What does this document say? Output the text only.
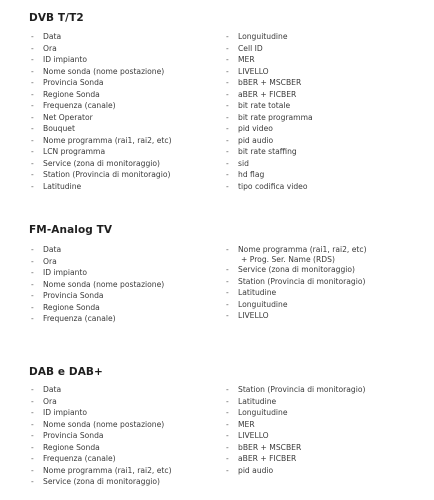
DVB T/T2
-	Data
-	Ora
-	ID impianto
-	Nome sonda (nome postazione)
-	Provincia Sonda
-	Regione Sonda
-	Frequenza (canale)
-	Net Operator
-	Bouquet
-	Nome programma (rai1, rai2, etc)
-	LCN programma
-	Service (zona di monitoraggio)
-	Station (Provincia di monitoragio)
-	Latitudine
-	Longuitudine
-	Cell ID
-	MER
-	LIVELLO
-	bBER + MSCBER
-	aBER + FICBER
-	bit rate totale
-	bit rate programma
-	pid video
-	pid audio
-	bit rate staffing
-	sid
-	hd flag
-	tipo codifica video
FM-Analog TV
-	Data
-	Ora
-	ID impianto
-	Nome sonda (nome postazione)
-	Provincia Sonda
-	Regione Sonda
-	Frequenza (canale)
-	Nome programma (rai1, rai2, etc)
+ Prog. Ser. Name (RDS)
-	Service (zona di monitoraggio)
-	Station (Provincia di monitoragio)
-	Latitudine
-	Longuitudine
-	LIVELLO
DAB e DAB+
-	Data
-	Ora
-	ID impianto
-	Nome sonda (nome postazione)
-	Provincia Sonda
-	Regione Sonda
-	Frequenza (canale)
-	Nome programma (rai1, rai2, etc)
-	Service (zona di monitoraggio)
-	Station (Provincia di monitoragio)
-	Latitudine
-	Longuitudine
-	MER
-	LIVELLO
-	bBER + MSCBER
-	aBER + FICBER
-	pid audio
